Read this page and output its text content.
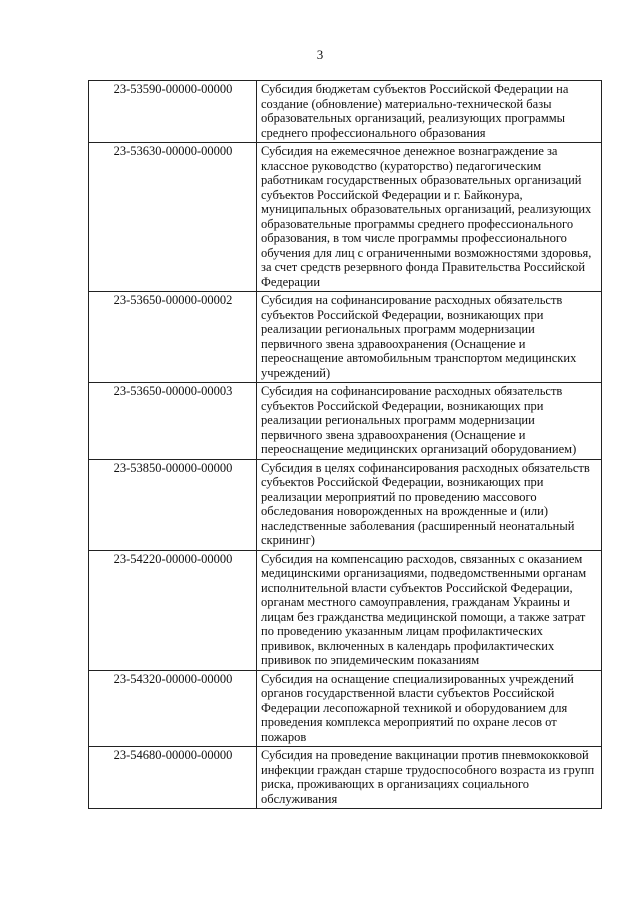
3
23-53590-00000-00000	Субсидия бюджетам субъектов Российской Федерации на создание (обновление) материально-технической базы образовательных организаций, реализующих программы среднего профессионального образования
23-53630-00000-00000	Субсидия на ежемесячное денежное вознаграждение за классное руководство (кураторство) педагогическим работникам государственных образовательных организаций субъектов Российской Федерации и г. Байконура, муниципальных образовательных организаций, реализующих образовательные программы среднего профессионального образования, в том числе программы профессионального обучения для лиц с ограниченными возможностями здоровья, за счет средств резервного фонда Правительства Российской Федерации
23-53650-00000-00002	Субсидия на софинансирование расходных обязательств субъектов Российской Федерации, возникающих при реализации региональных программ модернизации первичного звена здравоохранения (Оснащение и переоснащение автомобильным транспортом медицинских учреждений)
23-53650-00000-00003	Субсидия на софинансирование расходных обязательств субъектов Российской Федерации, возникающих при реализации региональных программ модернизации первичного звена здравоохранения (Оснащение и переоснащение медицинских организаций оборудованием)
23-53850-00000-00000	Субсидия в целях софинансирования расходных обязательств субъектов Российской Федерации, возникающих при реализации мероприятий по проведению массового обследования новорожденных на врожденные и (или) наследственные заболевания (расширенный неонатальный скрининг)
23-54220-00000-00000	Субсидия на компенсацию расходов, связанных с оказанием медицинскими организациями, подведомственными органам исполнительной власти субъектов Российской Федерации, органам местного самоуправления, гражданам Украины и лицам без гражданства медицинской помощи, а также затрат по проведению указанным лицам профилактических прививок, включенных в календарь профилактических прививок по эпидемическим показаниям
23-54320-00000-00000	Субсидия на оснащение специализированных учреждений органов государственной власти субъектов Российской Федерации лесопожарной техникой и оборудованием для проведения комплекса мероприятий по охране лесов от пожаров
23-54680-00000-00000	Субсидия на проведение вакцинации против пневмококковой инфекции граждан старше трудоспособного возраста из групп риска, проживающих в организациях социального обслуживания
